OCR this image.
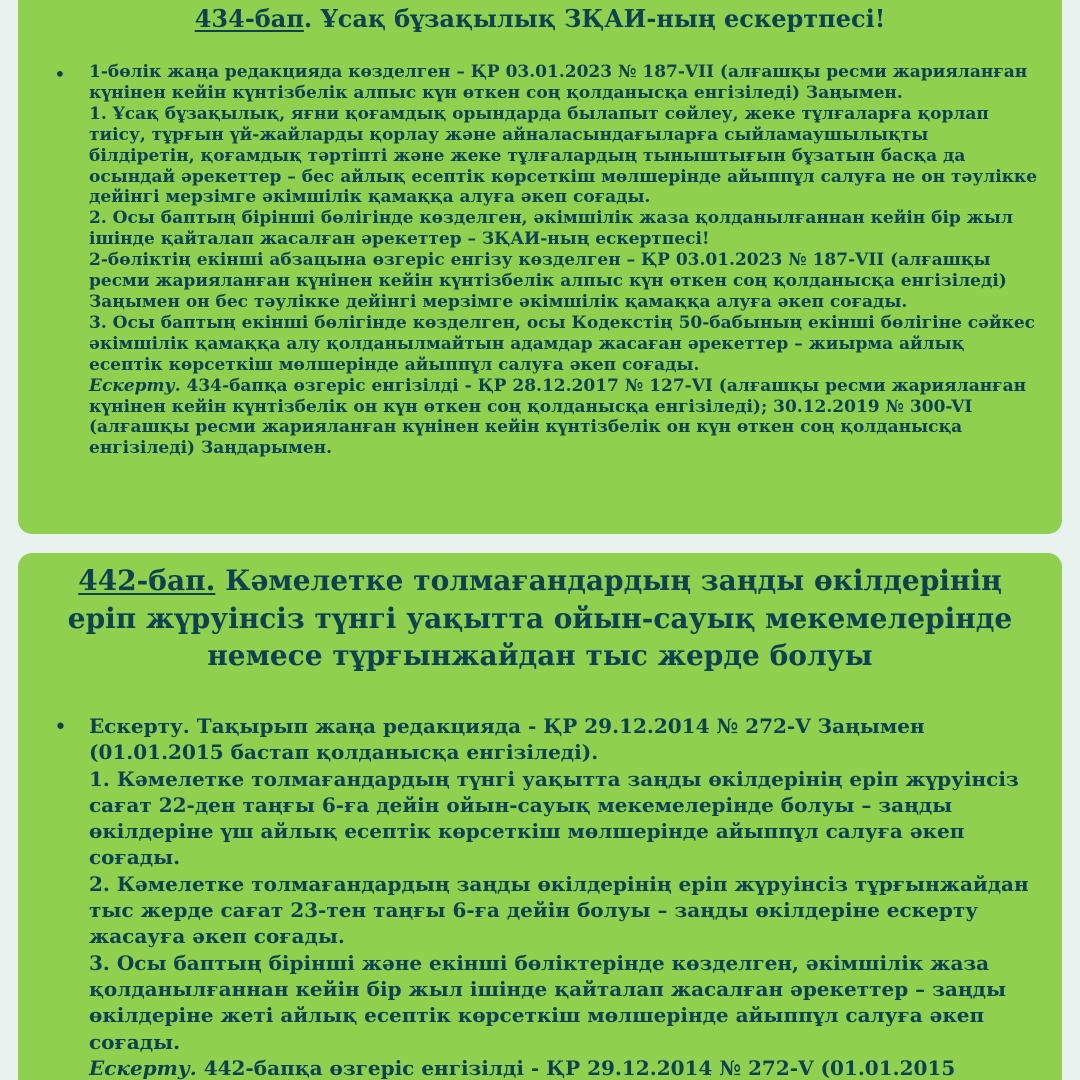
434-бап. Ұсақ бұзақылық ЗҚАИ-ның ескертпесі!
• 1-бөлік жаңа редакцияда көзделген – ҚР 03.01.2023 № 187-VII (алғашқы ресми жарияланған күнінен кейін күнтізбелік алпыс күн өткен соң қолданысқа енгізіледі) Заңымен.
1. Ұсақ бұзақылық, яғни қоғамдық орындарда былапыт сөйлеу, жеке тұлғаларға қорлап тиісу, тұрғын үй-жайларды қорлау және айналасындағыларға сыйламаушылықты білдіретін, қоғамдық тәртіпті және жеке тұлғалардың тыныштығын бұзатын басқа да осындай әрекеттер – бес айлық есептік көрсеткіш мөлшерінде айыппұл салуға не он тәулікке дейінгі мерзімге әкімшілік қамаққа алуға әкеп соғады.
2. Осы баптың бірінші бөлігінде көзделген, әкімшілік жаза қолданылғаннан кейін бір жыл ішінде қайталап жасалған әрекеттер – ЗҚАИ-ның ескертпесі!
2-бөліктің екінші абзацына өзгеріс енгізу көзделген – ҚР 03.01.2023 № 187-VII (алғашқы ресми жарияланған күнінен кейін күнтізбелік алпыс күн өткен соң қолданысқа енгізіледі) Заңымен он бес тәулікке дейінгі мерзімге әкімшілік қамаққа алуға әкеп соғады.
3. Осы баптың екінші бөлігінде көзделген, осы Кодекстің 50-бабының екінші бөлігіне сәйкес әкімшілік қамаққа алу қолданылмайтын адамдар жасаған әрекеттер – жиырма айлық есептік көрсеткіш мөлшерінде айыппұл салуға әкеп соғады.
Ескерту. 434-бапқа өзгеріс енгізілді - ҚР 28.12.2017 № 127-VI (алғашқы ресми жарияланған күнінен кейін күнтізбелік он күн өткен соң қолданысқа енгізіледі); 30.12.2019 № 300-VI (алғашқы ресми жарияланған күнінен кейін күнтізбелік он күн өткен соң қолданысқа енгізіледі) Заңдарымен.
442-бап. Кәмелетке толмағандардың заңды өкілдерінің еріп жүруінсіз түнгі уақытта ойын-сауық мекемелерінде немесе тұрғынжайдан тыс жерде болуы
• Ескерту. Тақырып жаңа редакцияда - ҚР 29.12.2014 № 272-V Заңымен (01.01.2015 бастап қолданысқа енгізіледі).
1. Кәмелетке толмағандардың түнгі уақытта заңды өкілдерінің еріп жүруінсіз сағат 22-ден таңғы 6-ға дейін ойын-сауық мекемелерінде болуы – заңды өкілдеріне үш айлық есептік көрсеткіш мөлшерінде айыппұл салуға әкеп соғады.
2. Кәмелетке толмағандардың заңды өкілдерінің еріп жүруінсіз тұрғынжайдан тыс жерде сағат 23-тен таңғы 6-ға дейін болуы – заңды өкілдеріне ескерту жасауға әкеп соғады.
3. Осы баптың бірінші және екінші бөліктерінде көзделген, әкімшілік жаза қолданылғаннан кейін бір жыл ішінде қайталап жасалған әрекеттер – заңды өкілдеріне жеті айлық есептік көрсеткіш мөлшерінде айыппұл салуға әкеп соғады.
Ескерту. 442-бапқа өзгеріс енгізілді - ҚР 29.12.2014 № 272-V (01.01.2015
